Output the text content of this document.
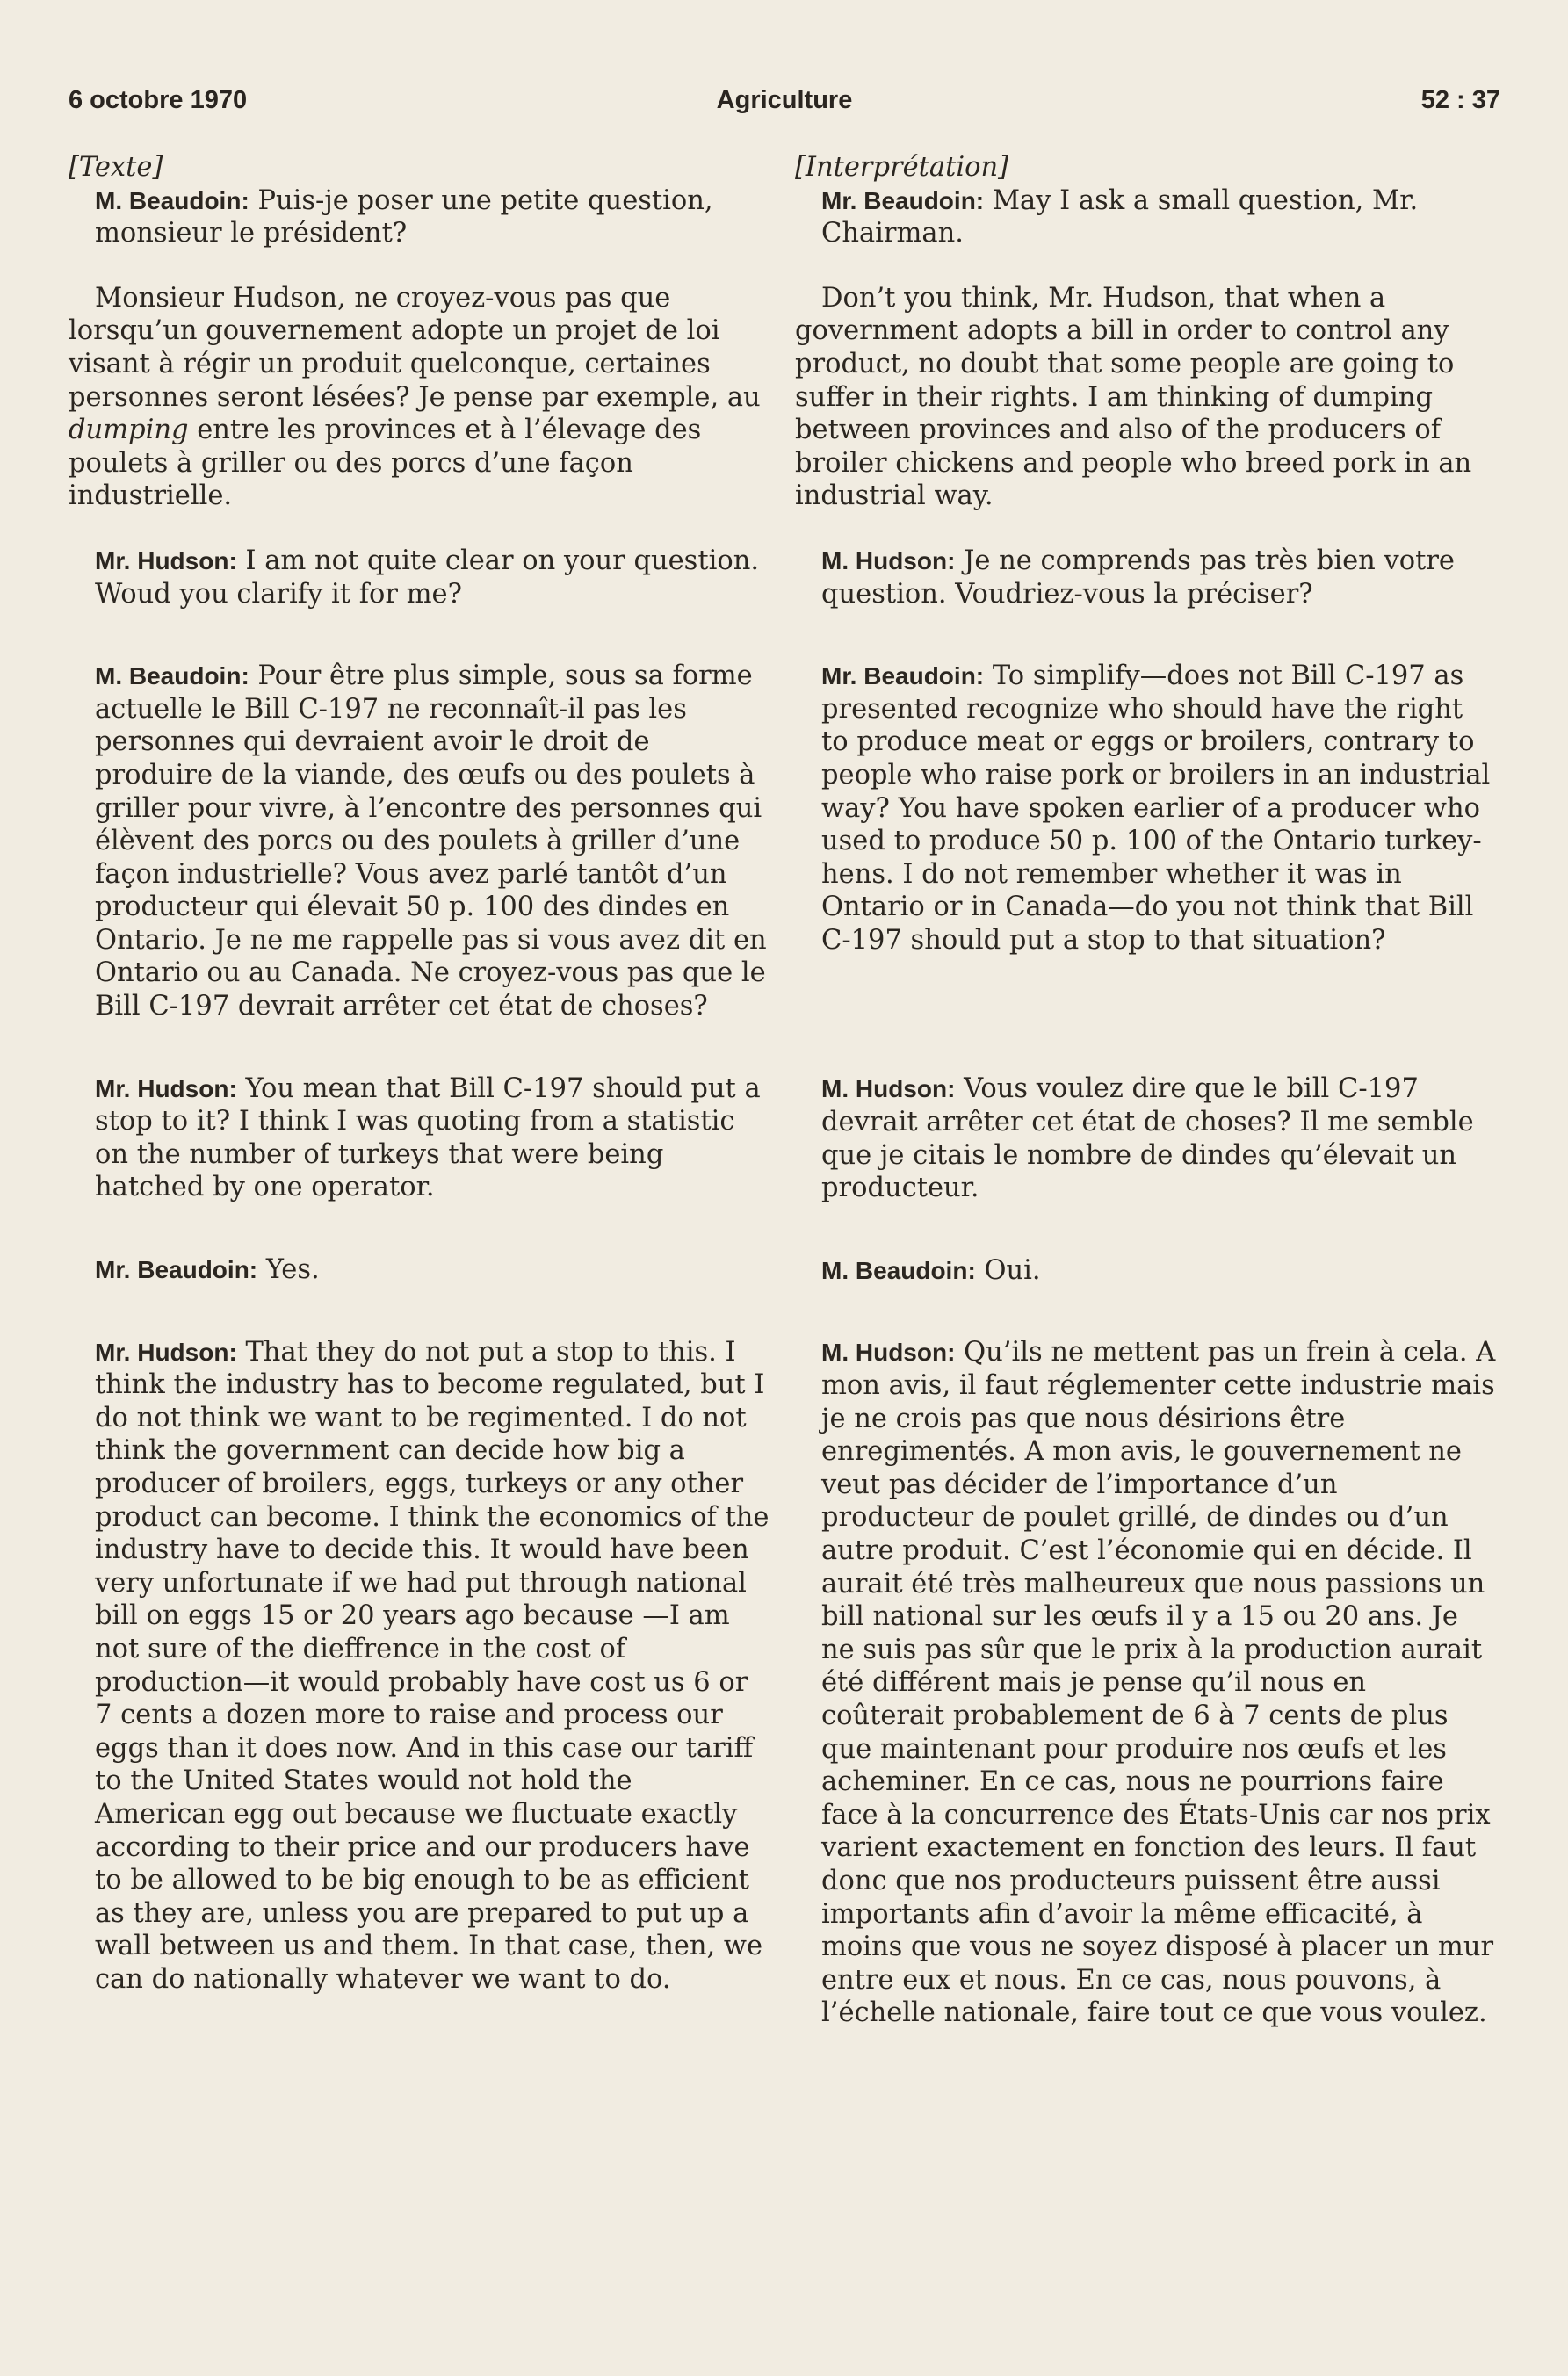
6 octobre 1970	Agriculture	52 : 37

[Texte]

M. Beaudoin: Puis-je poser une petite question, monsieur le président?

Monsieur Hudson, ne croyez-vous pas que lorsqu’un gouvernement adopte un projet de loi visant à régir un produit quelconque, certaines personnes seront lésées? Je pense par exemple, au dumping entre les provinces et à l’élevage des poulets à griller ou des porcs d’une façon industrielle.

Mr. Hudson: I am not quite clear on your question. Woud you clarify it for me?

M. Beaudoin: Pour être plus simple, sous sa forme actuelle le Bill C-197 ne reconnaît-il pas les personnes qui devraient avoir le droit de produire de la viande, des œufs ou des poulets à griller pour vivre, à l’encontre des personnes qui élèvent des porcs ou des poulets à griller d’une façon industrielle? Vous avez parlé tantôt d’un producteur qui élevait 50 p. 100 des dindes en Ontario. Je ne me rappelle pas si vous avez dit en Ontario ou au Canada. Ne croyez-vous pas que le Bill C-197 devrait arrêter cet état de choses?

Mr. Hudson: You mean that Bill C-197 should put a stop to it? I think I was quoting from a statistic on the number of turkeys that were being hatched by one operator.

Mr. Beaudoin: Yes.

Mr. Hudson: That they do not put a stop to this. I think the industry has to become regulated, but I do not think we want to be regimented. I do not think the government can decide how big a producer of broilers, eggs, turkeys or any other product can become. I think the economics of the industry have to decide this. It would have been very unfortunate if we had put through national bill on eggs 15 or 20 years ago because —I am not sure of the dieffrence in the cost of production—it would probably have cost us 6 or 7 cents a dozen more to raise and process our eggs than it does now. And in this case our tariff to the United States would not hold the American egg out because we fluctuate exactly according to their price and our producers have to be allowed to be big enough to be as efficient as they are, unless you are prepared to put up a wall between us and them. In that case, then, we can do nationally whatever we want to do.

[Interprétation]

Mr. Beaudoin: May I ask a small question, Mr. Chairman.

Don’t you think, Mr. Hudson, that when a government adopts a bill in order to control any product, no doubt that some people are going to suffer in their rights. I am thinking of dumping between provinces and also of the producers of broiler chickens and people who breed pork in an industrial way.

M. Hudson: Je ne comprends pas très bien votre question. Voudriez-vous la préciser?

Mr. Beaudoin: To simplify—does not Bill C-197 as presented recognize who should have the right to produce meat or eggs or broilers, contrary to people who raise pork or broilers in an industrial way? You have spoken earlier of a producer who used to produce 50 p. 100 of the Ontario turkey-hens. I do not remember whether it was in Ontario or in Canada—do you not think that Bill C-197 should put a stop to that situation?

M. Hudson: Vous voulez dire que le bill C-197 devrait arrêter cet état de choses? Il me semble que je citais le nombre de dindes qu’élevait un producteur.

M. Beaudoin: Oui.

M. Hudson: Qu’ils ne mettent pas un frein à cela. A mon avis, il faut réglementer cette industrie mais je ne crois pas que nous désirions être enregimentés. A mon avis, le gouvernement ne veut pas décider de l’importance d’un producteur de poulet grillé, de dindes ou d’un autre produit. C’est l’économie qui en décide. Il aurait été très malheureux que nous passions un bill national sur les œufs il y a 15 ou 20 ans. Je ne suis pas sûr que le prix à la production aurait été différent mais je pense qu’il nous en coûterait probablement de 6 à 7 cents de plus que maintenant pour produire nos œufs et les acheminer. En ce cas, nous ne pourrions faire face à la concurrence des États-Unis car nos prix varient exactement en fonction des leurs. Il faut donc que nos producteurs puissent être aussi importants afin d’avoir la même efficacité, à moins que vous ne soyez disposé à placer un mur entre eux et nous. En ce cas, nous pouvons, à l’échelle nationale, faire tout ce que vous voulez.
